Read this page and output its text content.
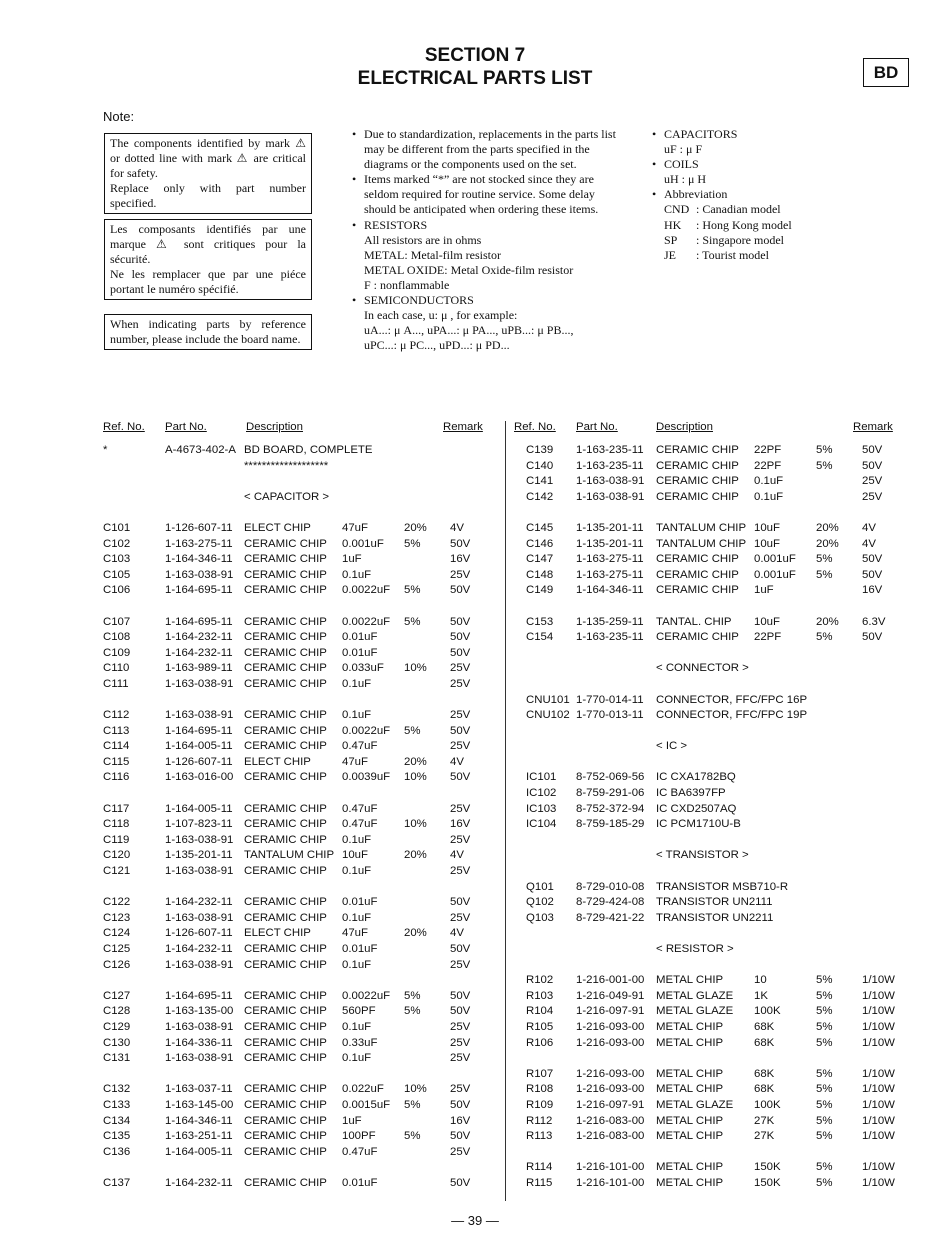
SECTION 7
ELECTRICAL PARTS LIST	BD
Note:

The components identified by mark ⚠ or dotted line with mark ⚠ are critical for safety.

Replace only with part number specified.

Les composants identifiés par une marque ⚠ sont critiques pour la sécurité.

Ne les remplacer que par une piéce portant le numéro spécifié.

When indicating parts by reference number, please include the board name.

• Due to standardization, replacements in the parts list may be different from the parts specified in the diagrams or the components used on the set.
• Items marked “*” are not stocked since they are seldom required for routine service. Some delay should be anticipated when ordering these items.
• RESISTORS
All resistors are in ohms
METAL: Metal-film resistor
METAL OXIDE: Metal Oxide-film resistor
F : nonflammable
• SEMICONDUCTORS
In each case, u: μ , for example:
uA...: μ A..., uPA...: μ PA..., uPB...: μ PB...,
uPC...: μ PC..., uPD...: μ PD...
• CAPACITORS
uF : μ F
• COILS
uH : μ H
• Abbreviation
CND : Canadian model
HK : Hong Kong model
SP : Singapore model
JE : Tourist model
Ref. No. Part No.	Description	Remark
*	A-4673-402-A BD BOARD, COMPLETE
*******************
< CAPACITOR >
C101	1-126-607-11 ELECT CHIP	47uF	20% 4V
C102	1-163-275-11 CERAMIC CHIP 0.001uF 5%	50V
C103	1-164-346-11 CERAMIC CHIP 1uF	16V
C105	1-163-038-91 CERAMIC CHIP 0.1uF	25V
C106	1-164-695-11 CERAMIC CHIP 0.0022uF 5%	50V
C107	1-164-695-11 CERAMIC CHIP 0.0022uF 5%	50V
C108	1-164-232-11 CERAMIC CHIP 0.01uF	50V
C109	1-164-232-11 CERAMIC CHIP 0.01uF	50V
C110	1-163-989-11 CERAMIC CHIP 0.033uF 10% 25V
C111	1-163-038-91 CERAMIC CHIP 0.1uF	25V
C112	1-163-038-91 CERAMIC CHIP 0.1uF	25V
C113	1-164-695-11 CERAMIC CHIP 0.0022uF 5%	50V
C114	1-164-005-11 CERAMIC CHIP 0.47uF	25V
C115	1-126-607-11 ELECT CHIP	47uF	20% 4V
C116	1-163-016-00 CERAMIC CHIP 0.0039uF 10% 50V
C117	1-164-005-11 CERAMIC CHIP 0.47uF	25V
C118	1-107-823-11 CERAMIC CHIP 0.47uF 10% 16V
C119	1-163-038-91 CERAMIC CHIP 0.1uF	25V
C120	1-135-201-11 TANTALUM CHIP 10uF	20% 4V
C121	1-163-038-91 CERAMIC CHIP 0.1uF	25V
C122	1-164-232-11 CERAMIC CHIP 0.01uF	50V
C123	1-163-038-91 CERAMIC CHIP 0.1uF	25V
C124	1-126-607-11 ELECT CHIP	47uF	20% 4V
C125	1-164-232-11 CERAMIC CHIP 0.01uF	50V
C126	1-163-038-91 CERAMIC CHIP 0.1uF	25V
C127	1-164-695-11 CERAMIC CHIP 0.0022uF 5%	50V
C128	1-163-135-00 CERAMIC CHIP 560PF 5%	50V
C129	1-163-038-91 CERAMIC CHIP 0.1uF	25V
C130	1-164-336-11 CERAMIC CHIP 0.33uF	25V
C131	1-163-038-91 CERAMIC CHIP 0.1uF	25V
C132	1-163-037-11 CERAMIC CHIP 0.022uF 10% 25V
C133	1-163-145-00 CERAMIC CHIP 0.0015uF 5%	50V
C134	1-164-346-11 CERAMIC CHIP 1uF	16V
C135	1-163-251-11 CERAMIC CHIP 100PF 5%	50V
C136	1-164-005-11 CERAMIC CHIP 0.47uF	25V
C137	1-164-232-11 CERAMIC CHIP 0.01uF	50V
Ref. No. Part No.	Description	Remark
C139 1-163-235-11 CERAMIC CHIP 22PF	5%	50V
C140 1-163-235-11 CERAMIC CHIP 22PF	5%	50V
C141 1-163-038-91 CERAMIC CHIP 0.1uF	25V
C142 1-163-038-91 CERAMIC CHIP 0.1uF	25V
C145 1-135-201-11 TANTALUM CHIP 10uF	20% 4V
C146 1-135-201-11 TANTALUM CHIP 10uF	20% 4V
C147 1-163-275-11 CERAMIC CHIP 0.001uF 5%	50V
C148 1-163-275-11 CERAMIC CHIP 0.001uF 5%	50V
C149 1-164-346-11 CERAMIC CHIP 1uF	16V
C153 1-135-259-11 TANTAL. CHIP 10uF	20% 6.3V
C154 1-163-235-11 CERAMIC CHIP 22PF	5%	50V
< CONNECTOR >
CNU101 1-770-014-11 CONNECTOR, FFC/FPC 16P
CNU102 1-770-013-11 CONNECTOR, FFC/FPC 19P
< IC >
IC101 8-752-069-56 IC CXA1782BQ
IC102 8-759-291-06 IC BA6397FP
IC103 8-752-372-94 IC CXD2507AQ
IC104 8-759-185-29 IC PCM1710U-B
< TRANSISTOR >
Q101 8-729-010-08 TRANSISTOR MSB710-R
Q102 8-729-424-08 TRANSISTOR UN2111
Q103 8-729-421-22 TRANSISTOR UN2211
< RESISTOR >
R102 1-216-001-00 METAL CHIP	10	5%	1/10W
R103 1-216-049-91 METAL GLAZE 1K	5%	1/10W
R104 1-216-097-91 METAL GLAZE 100K	5%	1/10W
R105 1-216-093-00 METAL CHIP	68K	5%	1/10W
R106 1-216-093-00 METAL CHIP	68K	5%	1/10W
R107 1-216-093-00 METAL CHIP	68K	5%	1/10W
R108 1-216-093-00 METAL CHIP	68K	5%	1/10W
R109 1-216-097-91 METAL GLAZE 100K	5%	1/10W
R112 1-216-083-00 METAL CHIP	27K	5%	1/10W
R113 1-216-083-00 METAL CHIP	27K	5%	1/10W
R114 1-216-101-00 METAL CHIP	150K	5%	1/10W
R115 1-216-101-00 METAL CHIP	150K	5%	1/10W
— 39 —
